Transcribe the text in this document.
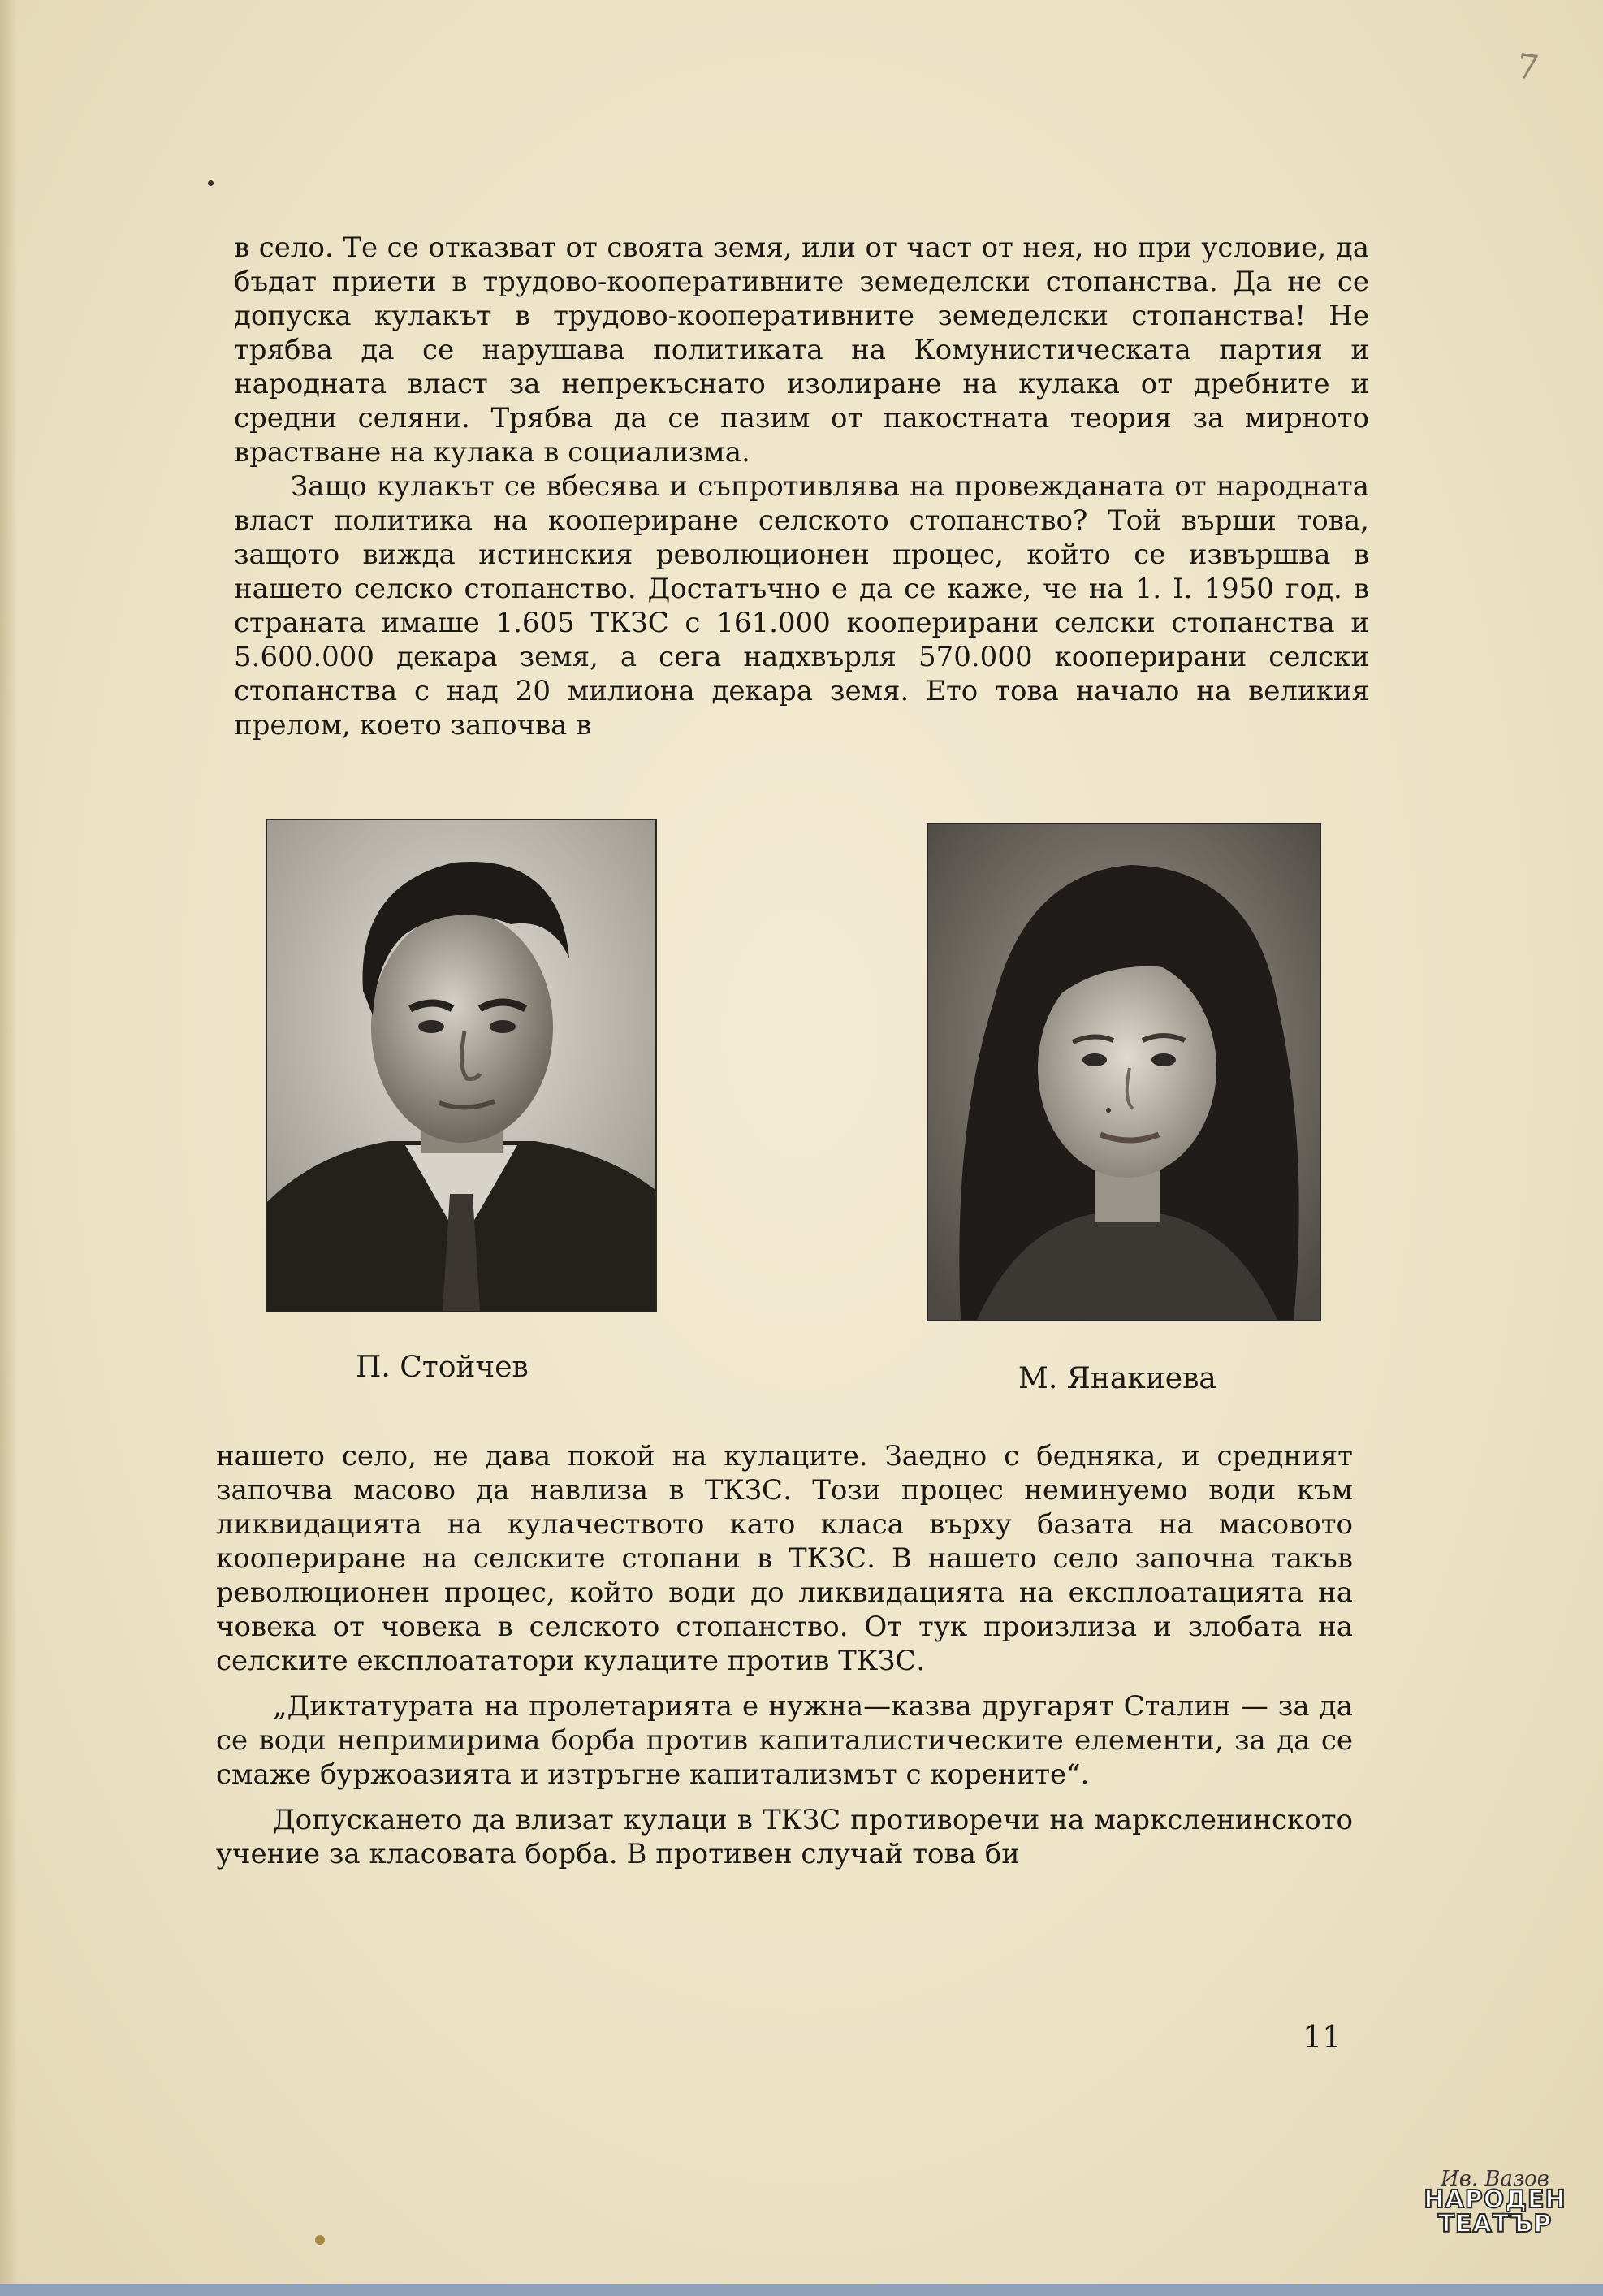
7

в село. Те се отказват от своята земя, или от част от нея, но при условие, да бъдат приети в трудово-кооперативните земеделски стопанства. Да не се допуска кулакът в трудово-кооперативните земеделски стопанства! Не трябва да се нарушава политиката на Комунистическата партия и народната власт за непрекъснато изолиране на кулака от дребните и средни селяни. Трябва да се пазим от пакостната теория за мирното врастване на кулака в социализма.

Защо кулакът се вбесява и съпротивлява на провежданата от народната власт политика на коопериране селското стопанство? Той върши това, защото вижда истинския революционен процес, който се извършва в нашето селско стопанство. Достатъчно е да се каже, че на 1. I. 1950 год. в страната имаше 1.605 ТКЗС с 161.000 кооперирани селски стопанства и 5.600.000 декара земя, а сега надхвърля 570.000 кооперирани селски стопанства с над 20 милиона декара земя. Ето това начало на великия прелом, което започва в

П. Стойчев	М. Янакиева

нашето село, не дава покой на кулаците. Заедно с бедняка, и средният започва масово да навлиза в ТКЗС. Този процес неминуемо води към ликвидацията на кулачеството като класа върху базата на масовото коопериране на селските стопани в ТКЗС. В нашето село започна такъв революционен процес, който води до ликвидацията на експлоатацията на човека от човека в селското стопанство. От тук произлиза и злобата на селските експлоататори кулаците против ТКЗС.

„Диктатурата на пролетарията е нужна—казва другарят Сталин — за да се води непримирима борба против капиталистическите елементи, за да се смаже буржоазията и изтръгне капитализмът с корените“.

Допускането да влизат кулаци в ТКЗС противоречи на марксленинското учение за класовата борба. В противен случай това би

11
Ив. Вазов
НАРОДЕН
ТЕАТЪР
